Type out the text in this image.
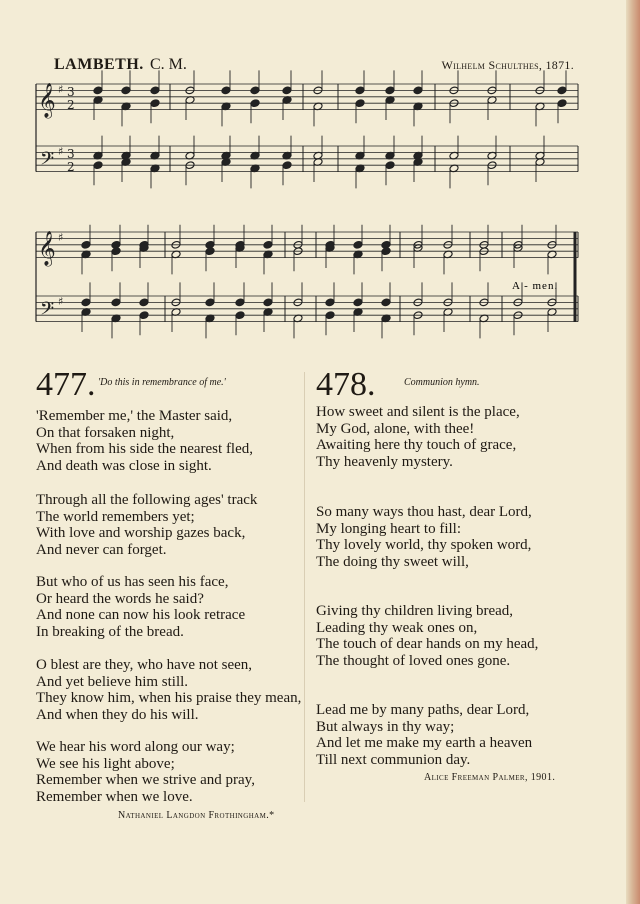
LAMBETH. C. M.	Wilhelm Schulthes, 1871.
A - men.
𝄞
𝄢
𝄞
𝄢
♯
♯
♯
♯
3
2
3
2
477. 'Do this in remembrance of me.'
'Remember me,' the Master said,
On that forsaken night,
When from his side the nearest fled,
And death was close in sight.
Through all the following ages' track
The world remembers yet;
With love and worship gazes back,
And never can forget.
But who of us has seen his face,
Or heard the words he said?
And none can now his look retrace
In breaking of the bread.
O blest are they, who have not seen,
And yet believe him still.
They know him, when his praise they mean,
And when they do his will.
We hear his word along our way;
We see his light above;
Remember when we strive and pray,
Remember when we love.
Nathaniel Langdon Frothingham.*
478.	Communion hymn.
How sweet and silent is the place,
My God, alone, with thee!
Awaiting here thy touch of grace,
Thy heavenly mystery.
So many ways thou hast, dear Lord,
My longing heart to fill:
Thy lovely world, thy spoken word,
The doing thy sweet will,
Giving thy children living bread,
Leading thy weak ones on,
The touch of dear hands on my head,
The thought of loved ones gone.
Lead me by many paths, dear Lord,
But always in thy way;
And let me make my earth a heaven
Till next communion day.
Alice Freeman Palmer, 1901.
